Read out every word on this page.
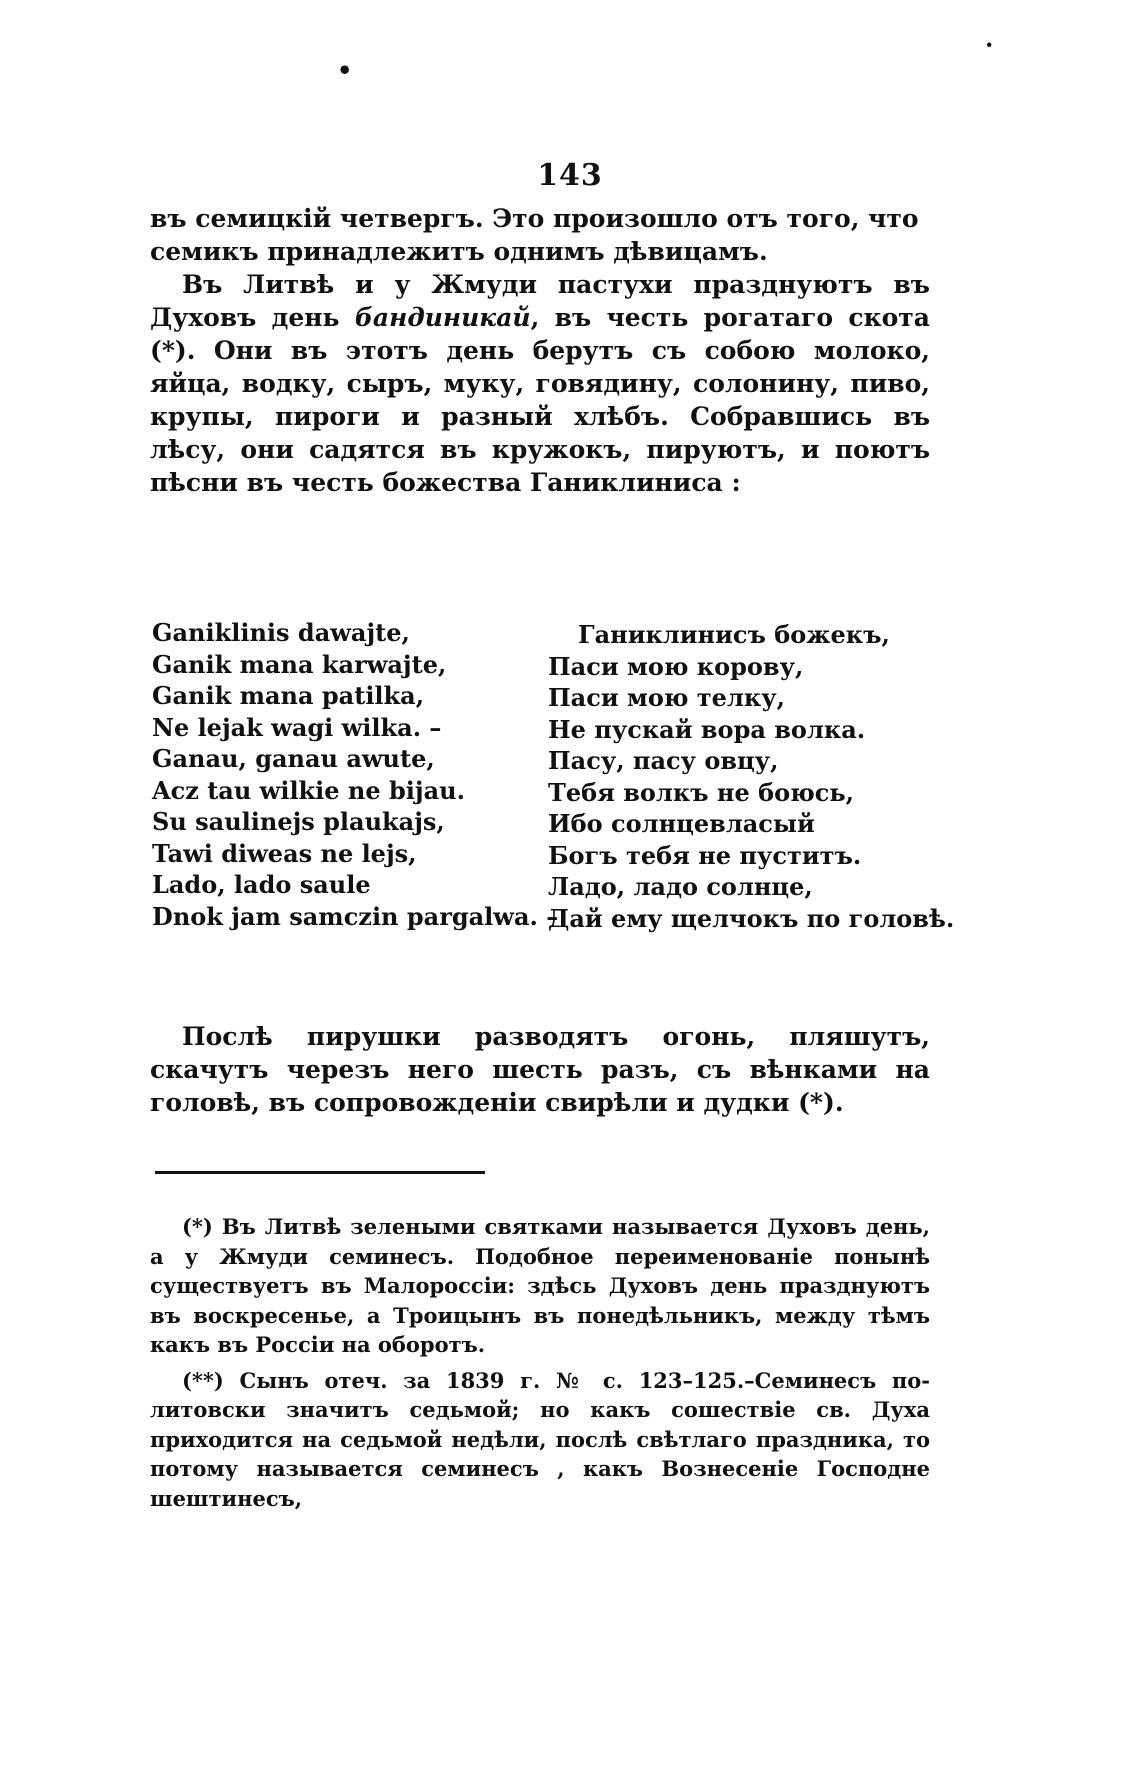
•
·
143

въ семицкій четвергъ. Это произошло отъ того, что

семикъ принадлежитъ однимъ дѣвицамъ.

Въ Литвѣ и у Жмуди пастухи празднуютъ въ Духовъ день бандиникай, въ честь рогатаго скота (*). Они въ этотъ день берутъ съ собою молоко, яйца, водку, сыръ, муку, говядину, солонину, пиво, крупы, пироги и разный хлѣбъ. Собравшись въ лѣсу, они садятся въ кружокъ, пируютъ, и поютъ пѣсни въ честь божества Ганиклиниса :

Ganiklinis dawajte,
Ganik mana karwajte,
Ganik mana patilka,
Ne lejak wagi wilka. –
Ganau, ganau awute,
Acz tau wilkie ne bijau.
Su saulinejs plaukajs,
Tawi diweas ne lejs,
Lado, lado saule
Dnok jam samczin pargalwa. –
Ганиклинисъ божекъ,
Паси мою корову,
Паси мою телку,
Не пускай вора волка.
Пасу, пасу овцу,
Тебя волкъ не боюсь,
Ибо солнцевласый
Богъ тебя не пуститъ.
Ладо, ладо солнце,
Дай ему щелчокъ по головѣ.

Послѣ пирушки разводятъ огонь, пляшутъ, скачутъ черезъ него шесть разъ, съ вѣнками на головѣ, въ сопровожденіи свирѣли и дудки (*).

(*) Въ Литвѣ зелеными святками называется Духовъ день, а у Жмуди семинесъ. Подобное переименованіе понынѣ существуетъ въ Малороссіи: здѣсь Духовъ день празднуютъ въ воскресенье, а Троицынъ въ понедѣльникъ, между тѣмъ какъ въ Россіи на оборотъ.

(**) Сынъ отеч. за 1839 г. № с. 123–125.–Семинесъ по-литовски значитъ седьмой; но какъ сошествіе св. Духа приходится на седьмой недѣли, послѣ свѣтлаго праздника, то потому называется семинесъ , какъ Вознесеніе Господне шештинесъ,
